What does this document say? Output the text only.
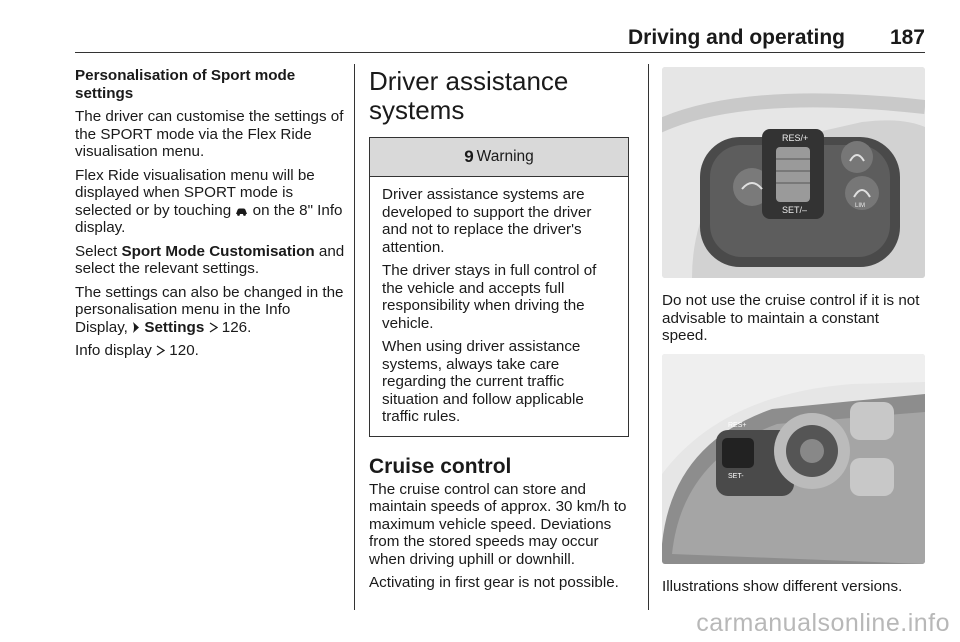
Driving and operating 187

Personalisation of Sport mode settings

The driver can customise the settings of the SPORT mode via the Flex Ride visualisation menu.

Flex Ride visualisation menu will be displayed when SPORT mode is selected or by touching on the 8" Info display.

Select Sport Mode Customisation and select the relevant settings.

The settings can also be changed in the personalisation menu in the Info Display, Settings 126.

Info display 120.

Driver assistance systems
9 Warning

Driver assistance systems are developed to support the driver and not to replace the driver's attention.

The driver stays in full control of the vehicle and accepts full responsibility when driving the vehicle.

When using driver assistance systems, always take care regarding the current traffic situation and follow applicable traffic rules.

Cruise control

The cruise control can store and maintain speeds of approx. 30 km/h to maximum vehicle speed. Deviations from the stored speeds may occur when driving uphill or downhill.

Activating in first gear is not possible.

RES/+
SET/–	LIM

Do not use the cruise control if it is not advisable to maintain a constant speed.

RES+
SET-

Illustrations show different versions.

carmanualsonline.info
